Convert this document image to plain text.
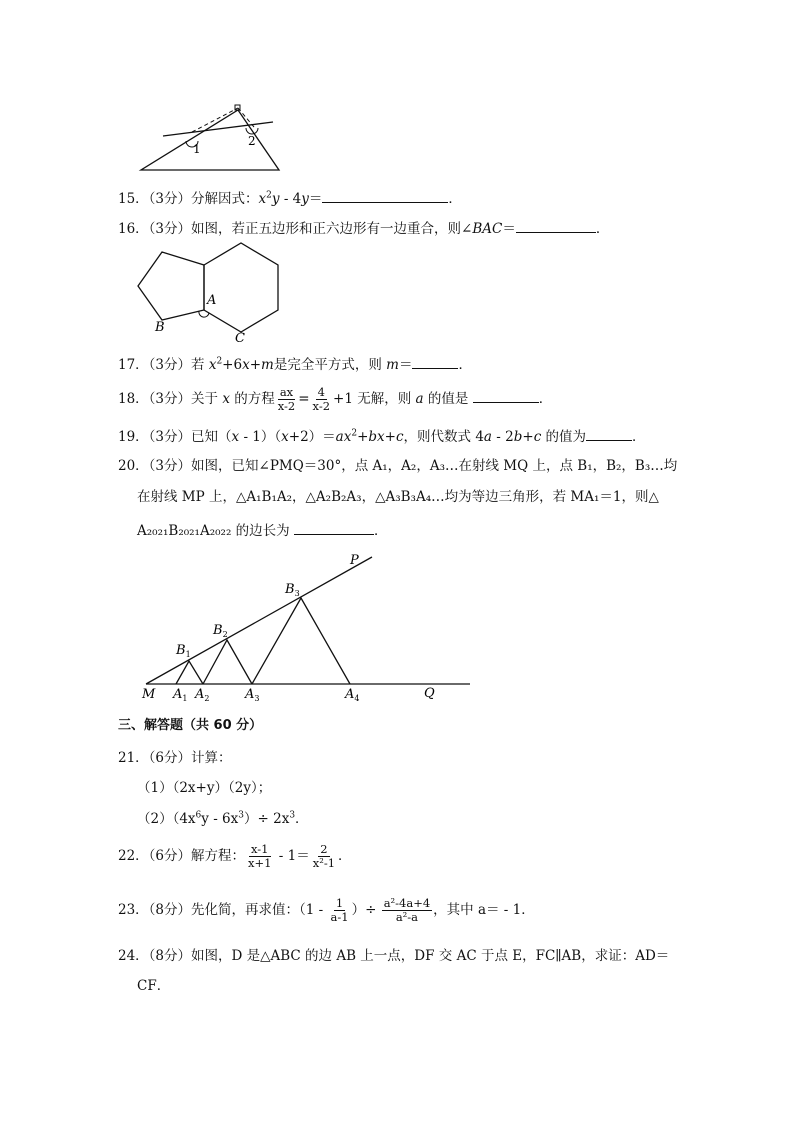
1
2
15．（3分）分解因式：$x^2y - 4y=$	．
16．（3分）如图，若正五边形和正六边形有一边重合，则∠BAC＝	．
A
B
C
17．（3分）若 $x^2+6x+m$是完全平方式，则 m＝	．
18．（3分）关于 x 的方程 $\frac{ax}{x-2} = \frac{4}{x-2} +1$ 无解，则 a 的值是	．
19．（3分）已知$(x - 1)(x+2)=ax^2+bx+c$，则代数式 4a - 2b+c 的值为	．
20．（3分）如图，已知∠PMQ＝30°，点 A₁，A₂，A₃…在射线 MQ 上，点 B₁，B₂，B₃…均
在射线 MP 上，△A₁B₁A₂，△A₂B₂A₃，△A₃B₃A₄…均为等边三角形，若 MA₁＝1，则△
A₂₀₂₁B₂₀₂₁A₂₀₂₂ 的边长为	．
P
M	Q
$A_1$ $A_2$	$A_3$	$A_4$
$B_1$
$B_2$
$B_3$
三、解答题（共 60 分）
21．（6分）计算：
（1）（2x+y）（2y）；
$(2)(4x^6y - 6x^3)\div 2x^3$．
22．（6分）解方程： $\frac{x-1}{x+1} - 1= \frac{2}{\text{x²-1}}$ ．
23．（8分）先化简，再求值：（$1 - \frac{1}{a-1}$ ）÷ $\frac{\text{a²-4a+4}}{\text{a²-a}}$ ，其中 a＝ - 1．
24．（8分）如图，D 是△ABC 的边 AB 上一点，DF 交 AC 于点 E，FC∥AB，求证：AD＝
CF．
